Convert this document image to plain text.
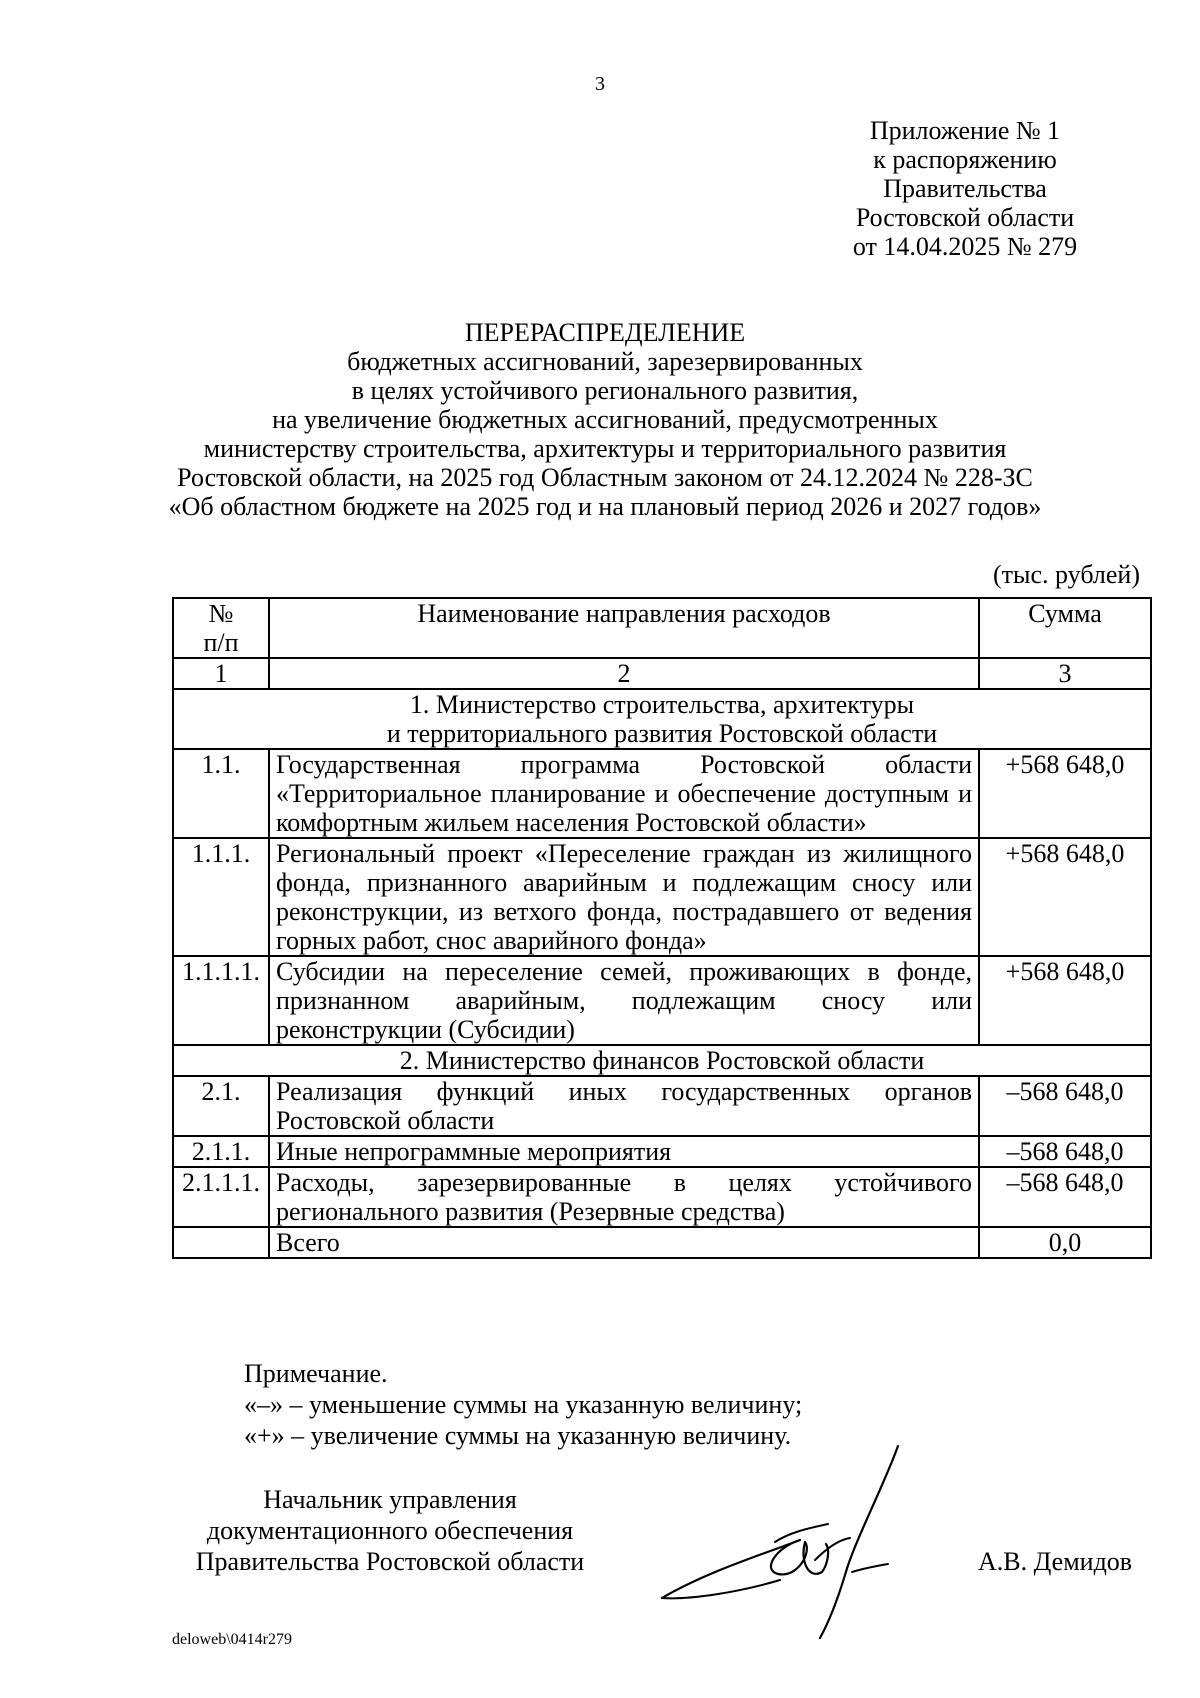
3
Приложение № 1
к распоряжению
Правительства
Ростовской области
от 14.04.2025 № 279
ПЕРЕРАСПРЕДЕЛЕНИЕ
бюджетных ассигнований, зарезервированных
в целях устойчивого регионального развития,
на увеличение бюджетных ассигнований, предусмотренных
министерству строительства, архитектуры и территориального развития
Ростовской области, на 2025 год Областным законом от 24.12.2024 № 228-ЗС
«Об областном бюджете на 2025 год и на плановый период 2026 и 2027 годов»
(тыс. рублей)
№
п/п	Наименование направления расходов	Сумма
1	2	3

1. Министерство строительства, архитектуры
и территориального развития Ростовской области		

1.1.	Государственная программа Ростовской области «Территориальное планирование и обеспечение доступным и комфортным жильем населения Ростовской области»	+568 648,0
1.1.1.	Региональный проект «Переселение граждан из жилищного фонда, признанного аварийным и подлежащим сносу или реконструкции, из ветхого фонда, пострадавшего от ведения горных работ, снос аварийного фонда»	+568 648,0
1.1.1.1.	Субсидии на переселение семей, проживающих в фонде, признанном аварийным, подлежащим сносу или реконструкции (Субсидии)	+568 648,0
2. Министерство финансов Ростовской области		
2.1.	Реализация функций иных государственных органов Ростовской области	–568 648,0
2.1.1.	Иные непрограммные мероприятия	–568 648,0
2.1.1.1.	Расходы, зарезервированные в целях устойчивого регионального развития (Резервные средства)	–568 648,0
	Всего	0,0
Примечание.
«–» – уменьшение суммы на указанную величину;
«+» – увеличение суммы на указанную величину.
Начальник управления
документационного обеспечения
Правительства Ростовской области	А.В. Демидов
deloweb\0414r279
